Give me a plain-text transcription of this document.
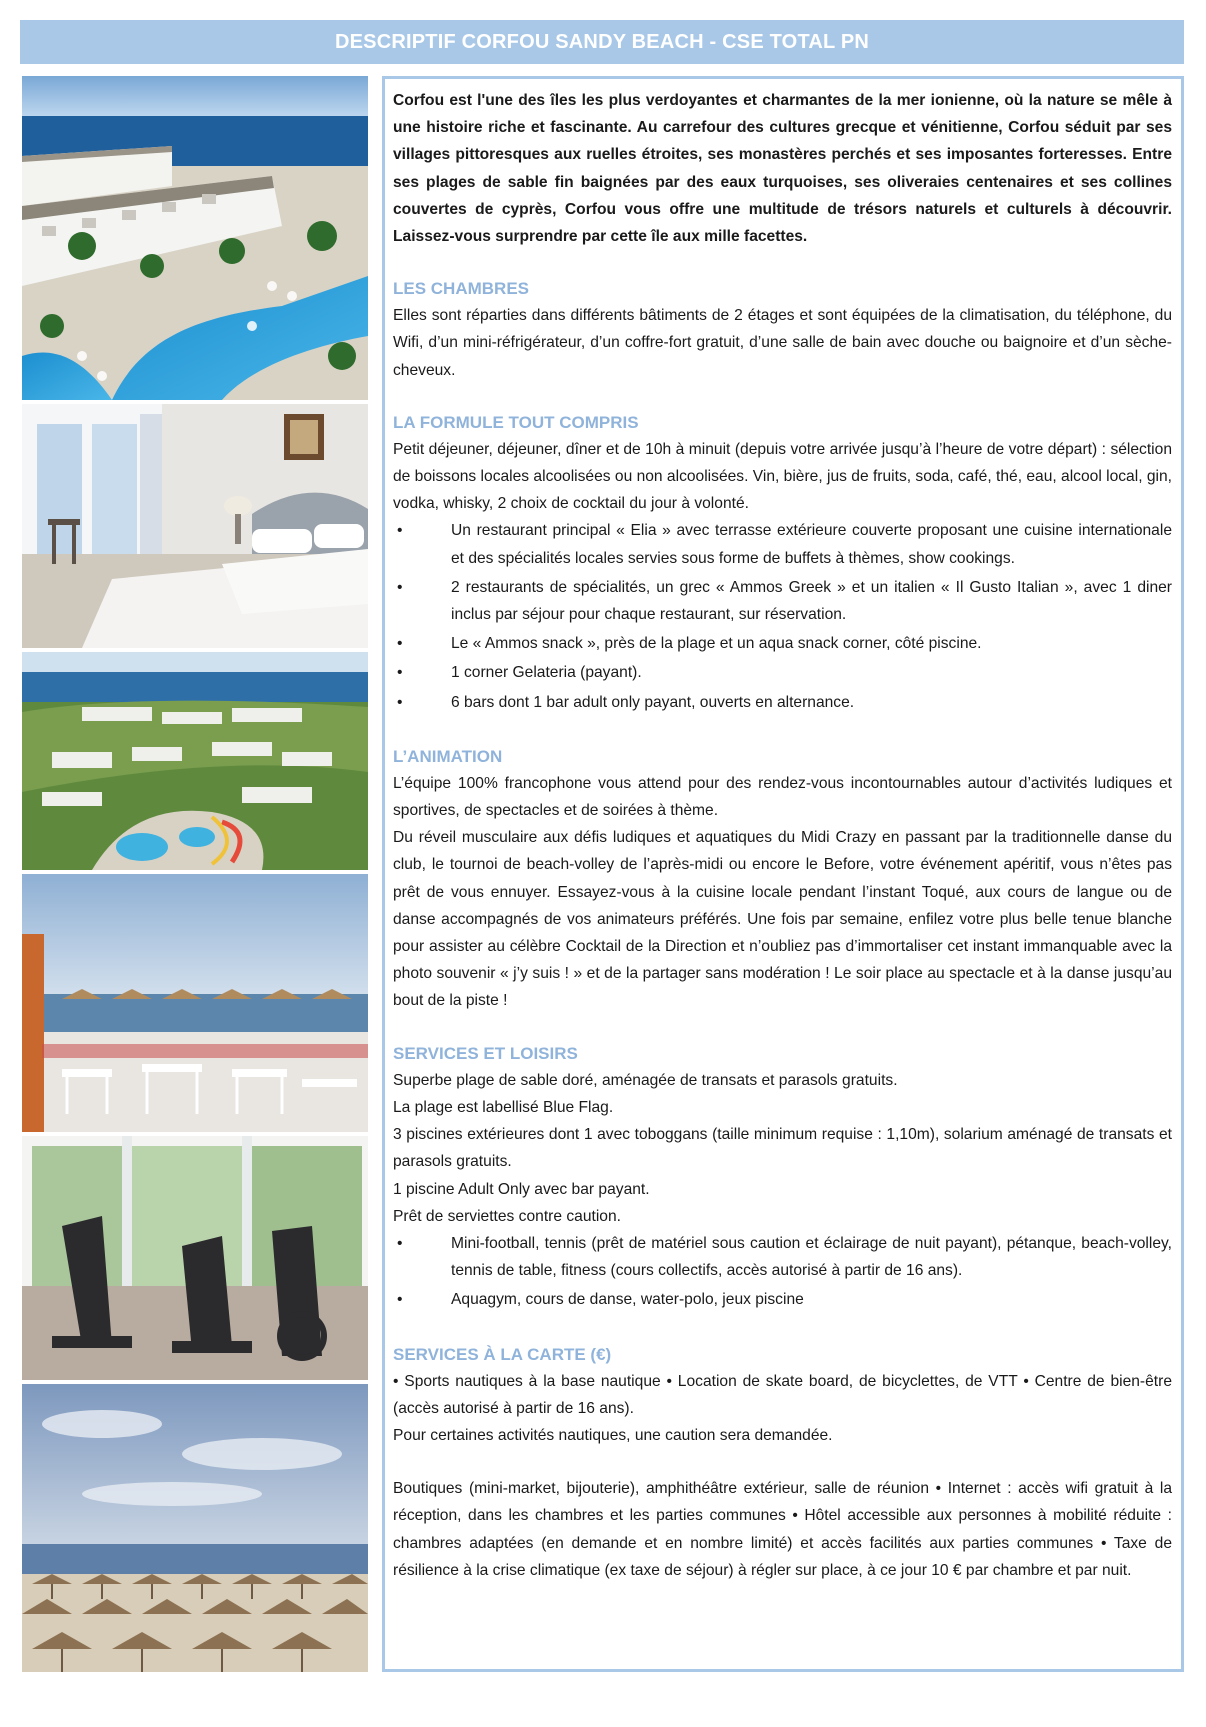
DESCRIPTIF CORFOU SANDY BEACH - CSE TOTAL PN

Corfou est l'une des îles les plus verdoyantes et charmantes de la mer ionienne, où la nature se mêle à une histoire riche et fascinante. Au carrefour des cultures grecque et vénitienne, Corfou séduit par ses villages pittoresques aux ruelles étroites, ses monastères perchés et ses imposantes forteresses. Entre ses plages de sable fin baignées par des eaux turquoises, ses oliveraies centenaires et ses collines couvertes de cyprès, Corfou vous offre une multitude de trésors naturels et culturels à découvrir. Laissez-vous surprendre par cette île aux mille facettes.

LES CHAMBRES

Elles sont réparties dans différents bâtiments de 2 étages et sont équipées de la climatisation, du téléphone, du Wifi, d’un mini-réfrigérateur, d’un coffre-fort gratuit, d’une salle de bain avec douche ou baignoire et d’un sèche-cheveux.

LA FORMULE TOUT COMPRIS

Petit déjeuner, déjeuner, dîner et de 10h à minuit (depuis votre arrivée jusqu’à l’heure de votre départ) : sélection de boissons locales alcoolisées ou non alcoolisées. Vin, bière, jus de fruits, soda, café, thé, eau, alcool local, gin, vodka, whisky, 2 choix de cocktail du jour à volonté.

•	Un restaurant principal « Elia » avec terrasse extérieure couverte proposant une cuisine internationale et des spécialités locales servies sous forme de buffets à thèmes, show cookings.
•	2 restaurants de spécialités, un grec « Ammos Greek » et un italien « Il Gusto Italian », avec 1 diner inclus par séjour pour chaque restaurant, sur réservation.
•	Le « Ammos snack », près de la plage et un aqua snack corner, côté piscine.
•	1 corner Gelateria (payant).
•	6 bars dont 1 bar adult only payant, ouverts en alternance.

L’ANIMATION

L’équipe 100% francophone vous attend pour des rendez-vous incontournables autour d’activités ludiques et sportives, de spectacles et de soirées à thème.

Du réveil musculaire aux défis ludiques et aquatiques du Midi Crazy en passant par la traditionnelle danse du club, le tournoi de beach-volley de l’après-midi ou encore le Before, votre événement apéritif, vous n’êtes pas prêt de vous ennuyer. Essayez-vous à la cuisine locale pendant l’instant Toqué, aux cours de langue ou de danse accompagnés de vos animateurs préférés. Une fois par semaine, enfilez votre plus belle tenue blanche pour assister au célèbre Cocktail de la Direction et n’oubliez pas d’immortaliser cet instant immanquable avec la photo souvenir « j’y suis ! » et de la partager sans modération ! Le soir place au spectacle et à la danse jusqu’au bout de la piste !

SERVICES ET LOISIRS

Superbe plage de sable doré, aménagée de transats et parasols gratuits.

La plage est labellisé Blue Flag.

3 piscines extérieures dont 1 avec toboggans (taille minimum requise : 1,10m), solarium aménagé de transats et parasols gratuits.

1 piscine Adult Only avec bar payant.

Prêt de serviettes contre caution.

•	Mini-football, tennis (prêt de matériel sous caution et éclairage de nuit payant), pétanque, beach-volley, tennis de table, fitness (cours collectifs, accès autorisé à partir de 16 ans).
•	Aquagym, cours de danse, water-polo, jeux piscine

SERVICES À LA CARTE (€)

• Sports nautiques à la base nautique • Location de skate board, de bicyclettes, de VTT • Centre de bien-être (accès autorisé à partir de 16 ans).

Pour certaines activités nautiques, une caution sera demandée.

Boutiques (mini-market, bijouterie), amphithéâtre extérieur, salle de réunion • Internet : accès wifi gratuit à la réception, dans les chambres et les parties communes • Hôtel accessible aux personnes à mobilité réduite : chambres adaptées (en demande et en nombre limité) et accès facilités aux parties communes • Taxe de résilience à la crise climatique (ex taxe de séjour) à régler sur place, à ce jour 10 € par chambre et par nuit.
